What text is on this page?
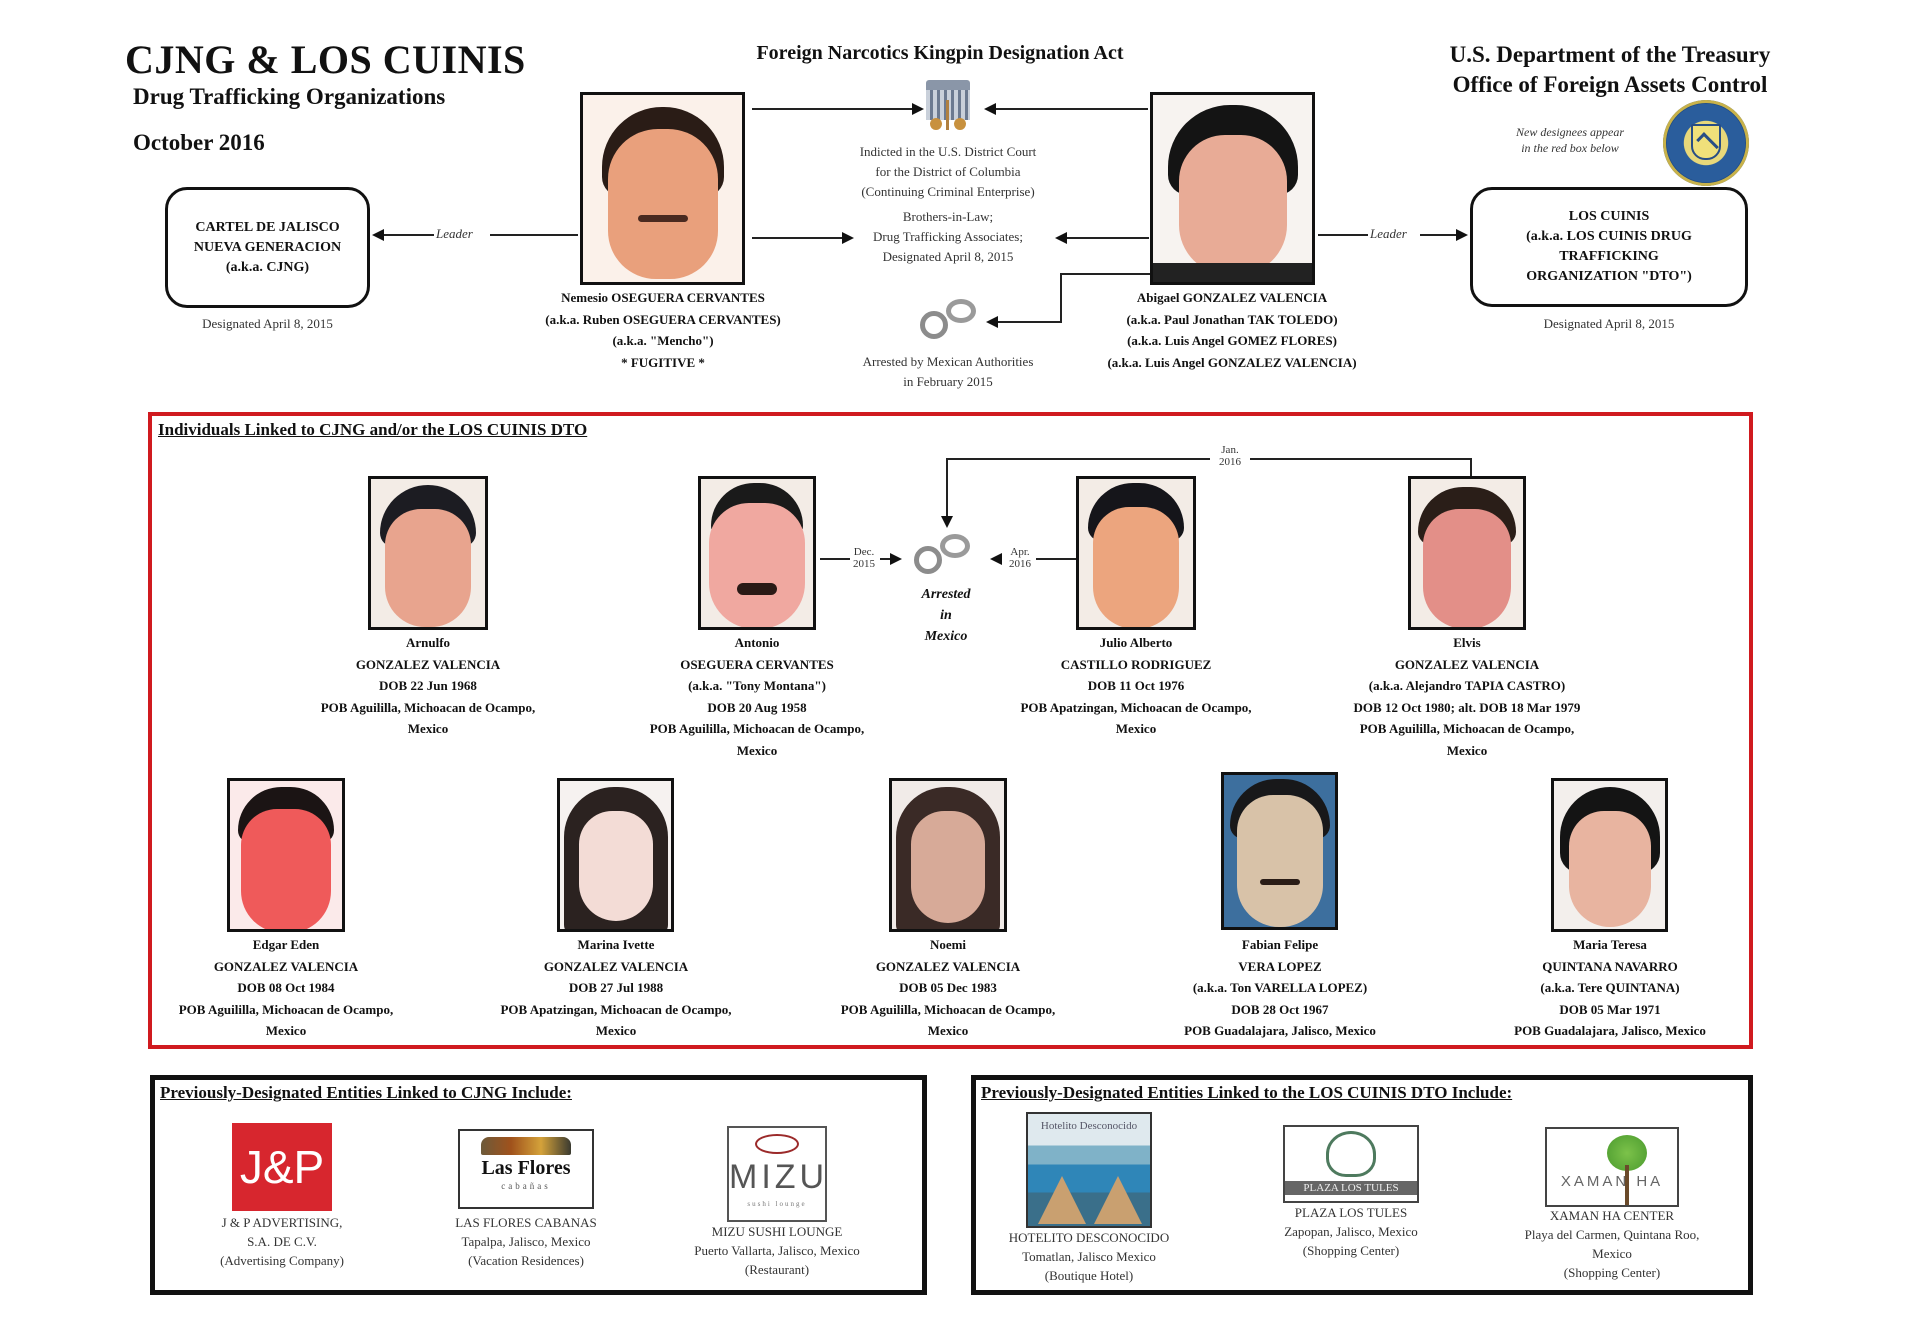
CJNG & LOS CUINIS
Drug Trafficking Organizations
October 2016
Foreign Narcotics Kingpin Designation Act	U.S. Department of the Treasury
Office of Foreign Assets Control
New designees appear
in the red box below
CARTEL DE JALISCO
NUEVA GENERACION
(a.k.a. CJNG)
Designated April 8, 2015
LOS CUINIS
(a.k.a. LOS CUINIS DRUG
TRAFFICKING
ORGANIZATION "DTO")
Designated April 8, 2015
Leader	Leader
Nemesio OSEGUERA CERVANTES
(a.k.a. Ruben OSEGUERA CERVANTES)
(a.k.a. "Mencho")
* FUGITIVE *
Abigael GONZALEZ VALENCIA
(a.k.a. Paul Jonathan TAK TOLEDO)
(a.k.a. Luis Angel GOMEZ FLORES)
(a.k.a. Luis Angel GONZALEZ VALENCIA)
Indicted in the U.S. District Court
for the District of Columbia
(Continuing Criminal Enterprise)
Brothers-in-Law;
Drug Trafficking Associates;
Designated April 8, 2015
Arrested by Mexican Authorities
in February 2015
Individuals Linked to CJNG and/or the LOS CUINIS DTO
Jan.
2016
Dec.
2015
Apr.
2016
Arrested
in
Mexico
Arnulfo
GONZALEZ VALENCIA
DOB 22 Jun 1968
POB Aguililla, Michoacan de Ocampo,
Mexico
Antonio
OSEGUERA CERVANTES
(a.k.a. "Tony Montana")
DOB 20 Aug 1958
POB Aguililla, Michoacan de Ocampo,
Mexico
Julio Alberto
CASTILLO RODRIGUEZ
DOB 11 Oct 1976
POB Apatzingan, Michoacan de Ocampo,
Mexico
Elvis
GONZALEZ VALENCIA
(a.k.a. Alejandro TAPIA CASTRO)
DOB 12 Oct 1980; alt. DOB 18 Mar 1979
POB Aguililla, Michoacan de Ocampo,
Mexico
Edgar Eden
GONZALEZ VALENCIA
DOB 08 Oct 1984
POB Aguililla, Michoacan de Ocampo,
Mexico
Marina Ivette
GONZALEZ VALENCIA
DOB 27 Jul 1988
POB Apatzingan, Michoacan de Ocampo,
Mexico
Noemi
GONZALEZ VALENCIA
DOB 05 Dec 1983
POB Aguililla, Michoacan de Ocampo,
Mexico
Fabian Felipe
VERA LOPEZ
(a.k.a. Ton VARELLA LOPEZ)
DOB 28 Oct 1967
POB Guadalajara, Jalisco, Mexico
Maria Teresa
QUINTANA NAVARRO
(a.k.a. Tere QUINTANA)
DOB 05 Mar 1971
POB Guadalajara, Jalisco, Mexico
Previously-Designated Entities Linked to CJNG Include:
J&P
J & P ADVERTISING,
S.A. DE C.V.
(Advertising Company)
Las Flores
cabañas
LAS FLORES CABANAS
Tapalpa, Jalisco, Mexico
(Vacation Residences)
MIZU
sushi lounge
MIZU SUSHI LOUNGE
Puerto Vallarta, Jalisco, Mexico
(Restaurant)
Previously-Designated Entities Linked to the LOS CUINIS DTO Include:
Hotelito Desconocido
HOTELITO DESCONOCIDO
Tomatlan, Jalisco Mexico
(Boutique Hotel)
PLAZA LOS TULES
PLAZA LOS TULES
Zapopan, Jalisco, Mexico
(Shopping Center)
XAMAN HA
XAMAN HA CENTER
Playa del Carmen, Quintana Roo,
Mexico
(Shopping Center)
